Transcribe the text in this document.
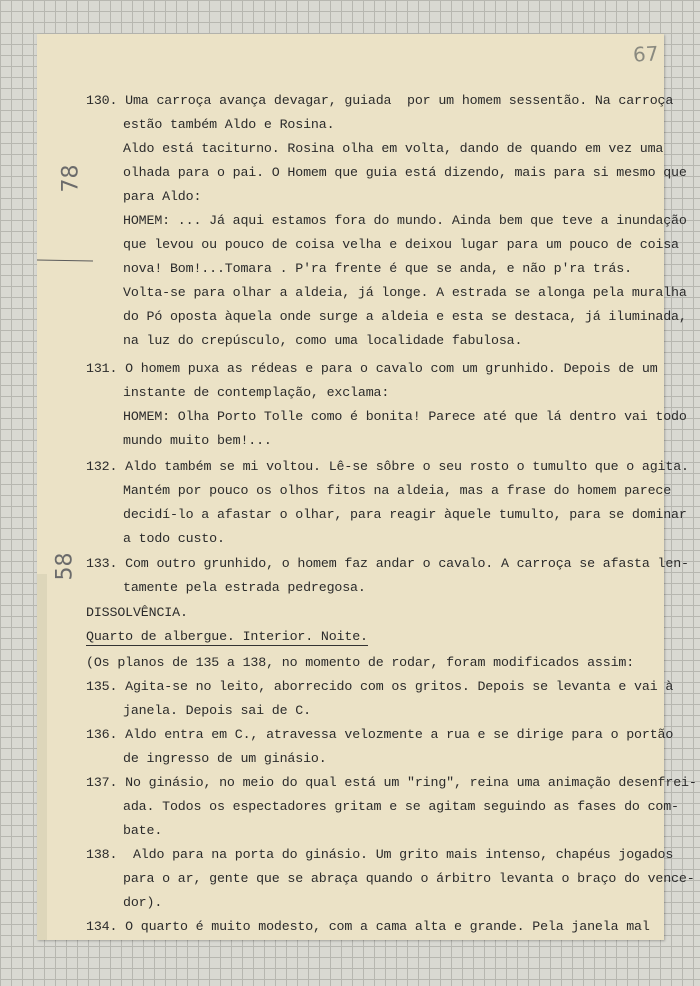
67
78
58
130. Uma carroça avança devagar, guiada  por um homem sessentão. Na carroça
estão também Aldo e Rosina.
Aldo está taciturno. Rosina olha em volta, dando de quando em vez uma
olhada para o pai. O Homem que guia está dizendo, mais para si mesmo que
para Aldo:
HOMEM: ... Já aqui estamos fora do mundo. Ainda bem que teve a inundação
que levou ou pouco de coisa velha e deixou lugar para um pouco de coisa
nova! Bom!...Tomara . P'ra frente é que se anda, e não p'ra trás.
Volta-se para olhar a aldeia, já longe. A estrada se alonga pela muralha
do Pó oposta àquela onde surge a aldeia e esta se destaca, já iluminada,
na luz do crepúsculo, como uma localidade fabulosa.
131. O homem puxa as rédeas e para o cavalo com um grunhido. Depois de um
instante de contemplação, exclama:
HOMEM: Olha Porto Tolle como é bonita! Parece até que lá dentro vai todo
mundo muito bem!...
132. Aldo também se mi voltou. Lê-se sôbre o seu rosto o tumulto que o agita.
Mantém por pouco os olhos fitos na aldeia, mas a frase do homem parece
decidí-lo a afastar o olhar, para reagir àquele tumulto, para se dominar
a todo custo.
133. Com outro grunhido, o homem faz andar o cavalo. A carroça se afasta len-
tamente pela estrada pedregosa.
DISSOLVÊNCIA.
Quarto de albergue. Interior. Noite.
(Os planos de 135 a 138, no momento de rodar, foram modificados assim:
135. Agita-se no leito, aborrecido com os gritos. Depois se levanta e vai à
janela. Depois sai de C.
136. Aldo entra em C., atravessa velozmente a rua e se dirige para o portão
de ingresso de um ginásio.
137. No ginásio, no meio do qual está um "ring", reina uma animação desenfrei-
ada. Todos os espectadores gritam e se agitam seguindo as fases do com-
bate.
138.  Aldo para na porta do ginásio. Um grito mais intenso, chapéus jogados
para o ar, gente que se abraça quando o árbitro levanta o braço do vence-
dor).
134. O quarto é muito modesto, com a cama alta e grande. Pela janela mal
